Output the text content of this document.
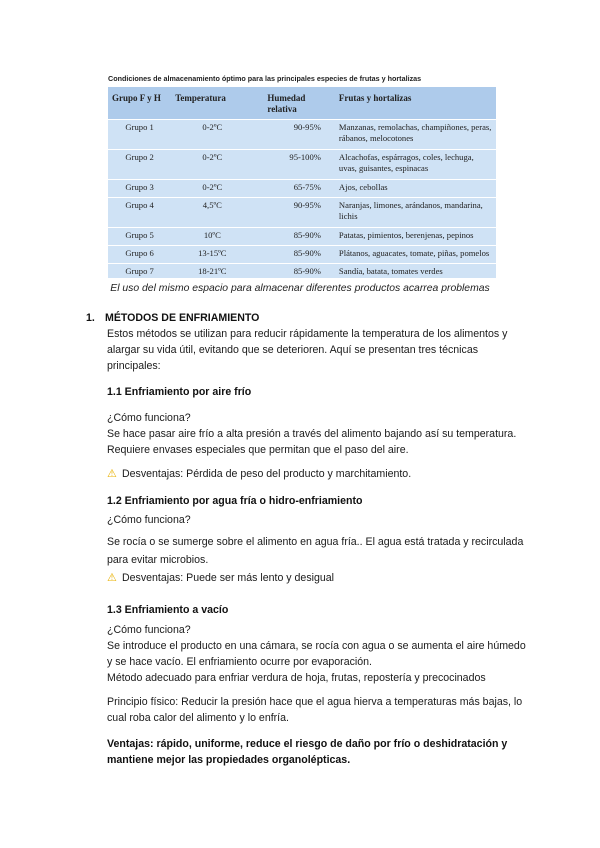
Condiciones de almacenamiento óptimo para las principales especies de frutas y hortalizas
Grupo F y H	Temperatura	Humedad relativa	Frutas y hortalizas
Grupo 1	0-2ºC	90-95%	Manzanas, remolachas, champiñones, peras, rábanos, melocotones
Grupo 2	0-2ºC	95-100%	Alcachofas, espárragos, coles, lechuga, uvas, guisantes, espinacas
Grupo 3	0-2ºC	65-75%	Ajos, cebollas
Grupo 4	4,5ºC	90-95%	Naranjas, limones, arándanos, mandarina, lichis
Grupo 5	10ºC	85-90%	Patatas, pimientos, berenjenas, pepinos
Grupo 6	13-15ºC	85-90%	Plátanos, aguacates, tomate, piñas, pomelos
Grupo 7	18-21ºC	85-90%	Sandía, batata, tomates verdes
El uso del mismo espacio para almacenar diferentes productos acarrea problemas
1. MÉTODOS DE ENFRIAMIENTO
Estos métodos se utilizan para reducir rápidamente la temperatura de los alimentos y alargar su vida útil, evitando que se deterioren. Aquí se presentan tres técnicas principales:
1.1 Enfriamiento por aire frío
¿Cómo funciona?
Se hace pasar aire frío a alta presión a través del alimento bajando así su temperatura. Requiere envases especiales que permitan que el paso del aire.
⚠ Desventajas: Pérdida de peso del producto y marchitamiento.
1.2 Enfriamiento por agua fría o hidro-enfriamiento
¿Cómo funciona?
Se rocía o se sumerge sobre el alimento en agua fría.. El agua está tratada y recirculada para evitar microbios.
⚠ Desventajas: Puede ser más lento y desigual
1.3 Enfriamiento a vacío
¿Cómo funciona?
Se introduce el producto en una cámara, se rocía con agua o se aumenta el aire húmedo y se hace vacío. El enfriamiento ocurre por evaporación.
Método adecuado para enfriar verdura de hoja, frutas, repostería y precocinados
Principio físico: Reducir la presión hace que el agua hierva a temperaturas más bajas, lo cual roba calor del alimento y lo enfría.
Ventajas: rápido, uniforme, reduce el riesgo de daño por frío o deshidratación y mantiene mejor las propiedades organolépticas.
